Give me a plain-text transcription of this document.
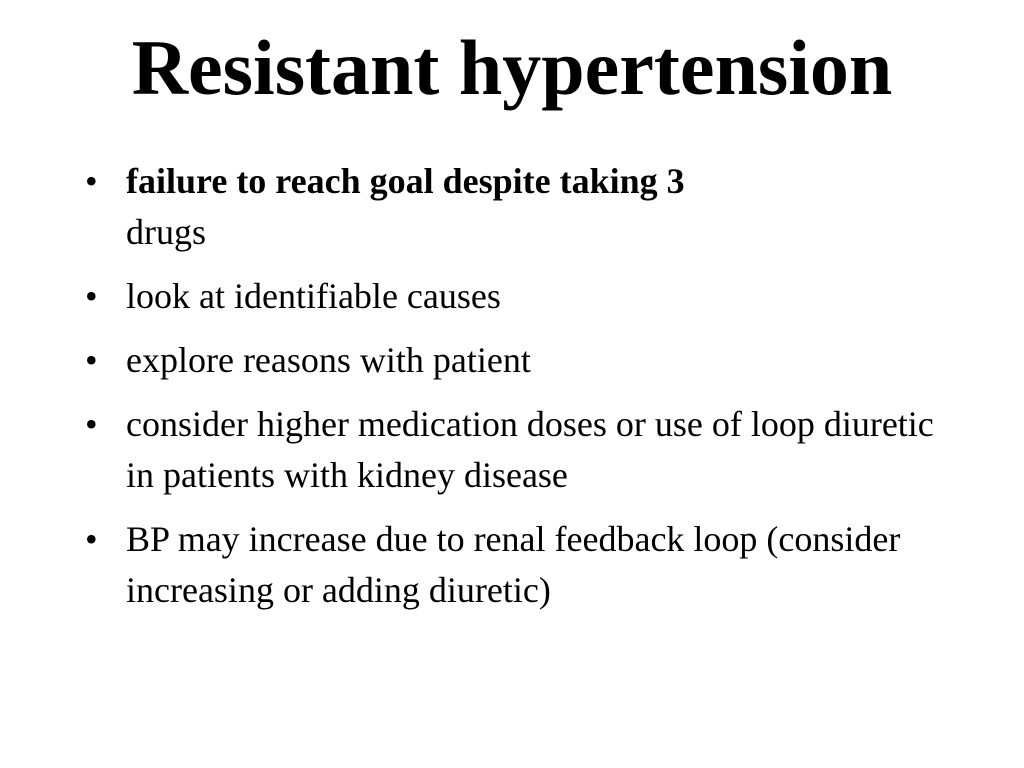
Resistant hypertension
• failure to reach goal despite taking 3
drugs
• look at identifiable causes
• explore reasons with patient
• consider higher medication doses or use of loop diuretic in patients with kidney disease
• BP may increase due to renal feedback loop (consider increasing or adding diuretic)
